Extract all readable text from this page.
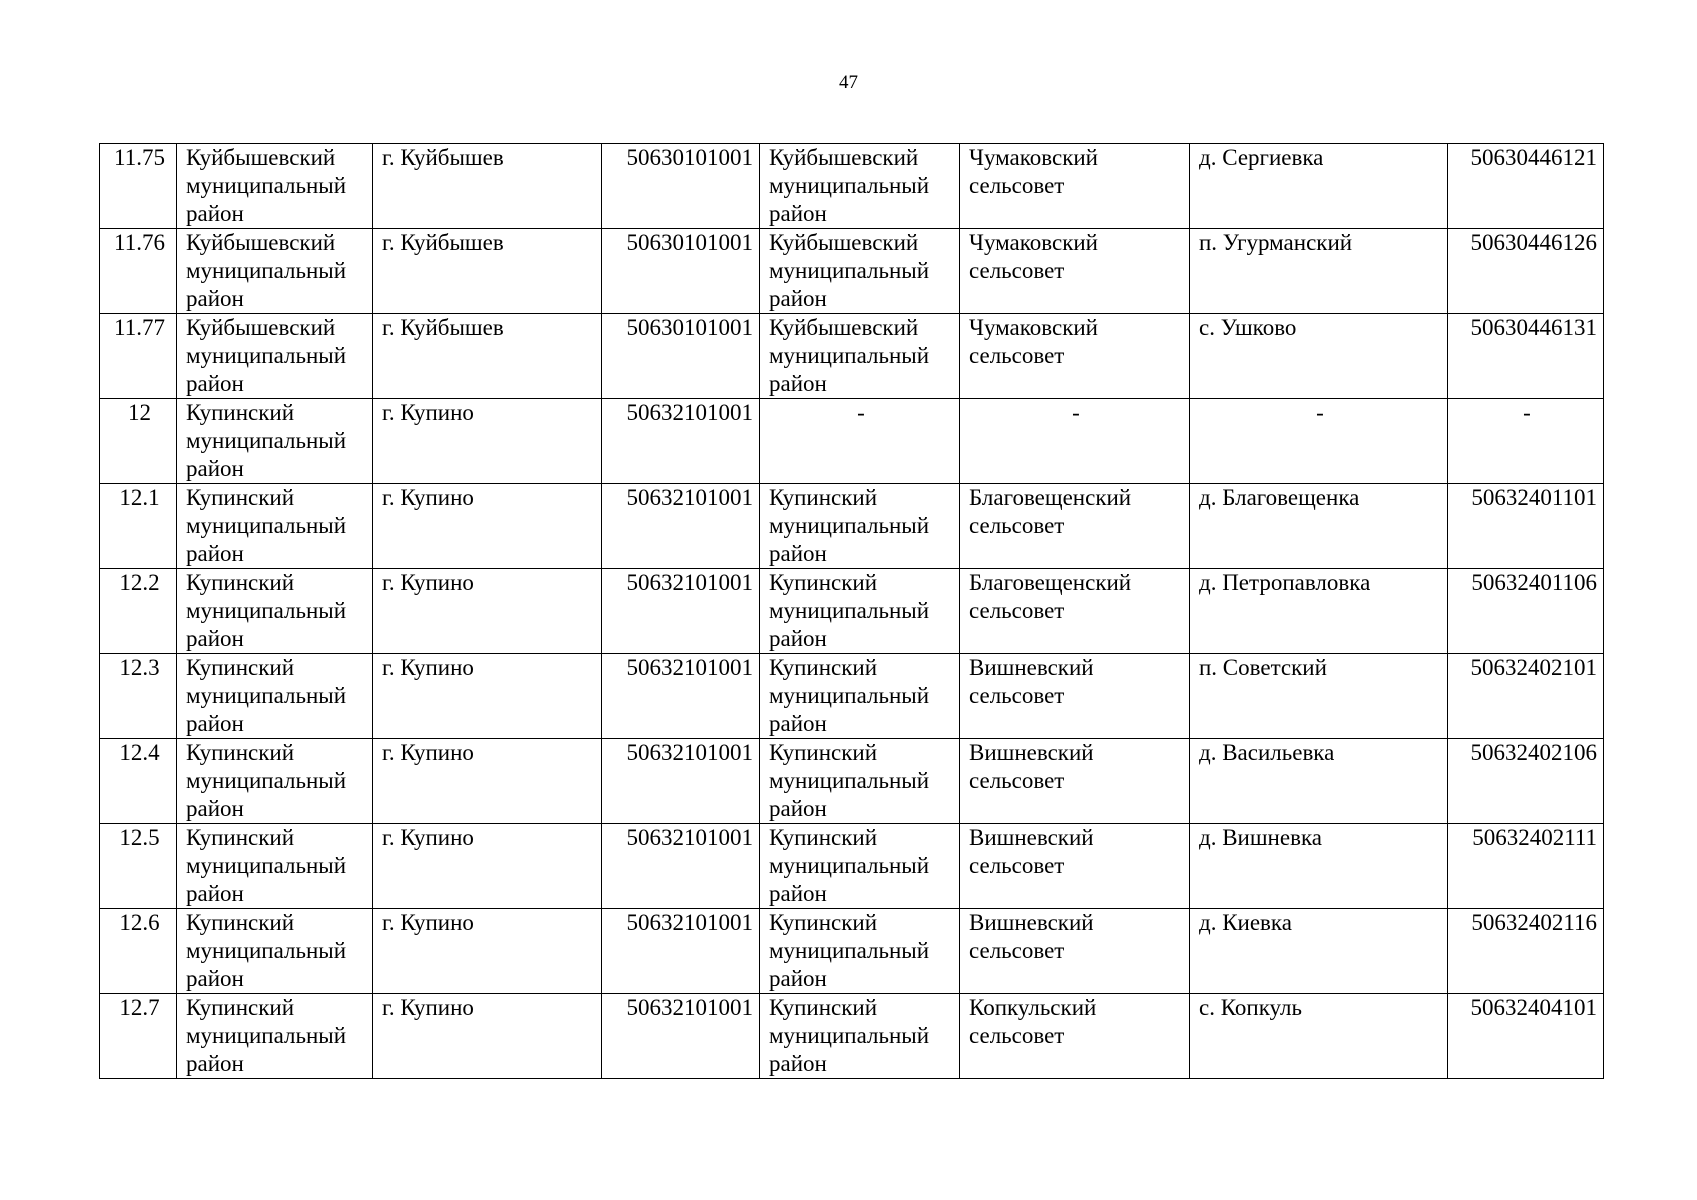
47
11.75	Куйбышевский
муниципальный
район	г. Куйбышев	50630101001	Куйбышевский
муниципальный
район	Чумаковский
сельсовет	д. Сергиевка	50630446121
11.76	Куйбышевский
муниципальный
район	г. Куйбышев	50630101001	Куйбышевский
муниципальный
район	Чумаковский
сельсовет	п. Угурманский	50630446126
11.77	Куйбышевский
муниципальный
район	г. Куйбышев	50630101001	Куйбышевский
муниципальный
район	Чумаковский
сельсовет	с. Ушково	50630446131
12	Купинский
муниципальный
район	г. Купино	50632101001	-	-	-	-
12.1	Купинский
муниципальный
район	г. Купино	50632101001	Купинский
муниципальный
район	Благовещенский
сельсовет	д. Благовещенка	50632401101
12.2	Купинский
муниципальный
район	г. Купино	50632101001	Купинский
муниципальный
район	Благовещенский
сельсовет	д. Петропавловка	50632401106
12.3	Купинский
муниципальный
район	г. Купино	50632101001	Купинский
муниципальный
район	Вишневский
сельсовет	п. Советский	50632402101
12.4	Купинский
муниципальный
район	г. Купино	50632101001	Купинский
муниципальный
район	Вишневский
сельсовет	д. Васильевка	50632402106
12.5	Купинский
муниципальный
район	г. Купино	50632101001	Купинский
муниципальный
район	Вишневский
сельсовет	д. Вишневка	50632402111
12.6	Купинский
муниципальный
район	г. Купино	50632101001	Купинский
муниципальный
район	Вишневский
сельсовет	д. Киевка	50632402116
12.7	Купинский
муниципальный
район	г. Купино	50632101001	Купинский
муниципальный
район	Копкульский
сельсовет	с. Копкуль	50632404101
